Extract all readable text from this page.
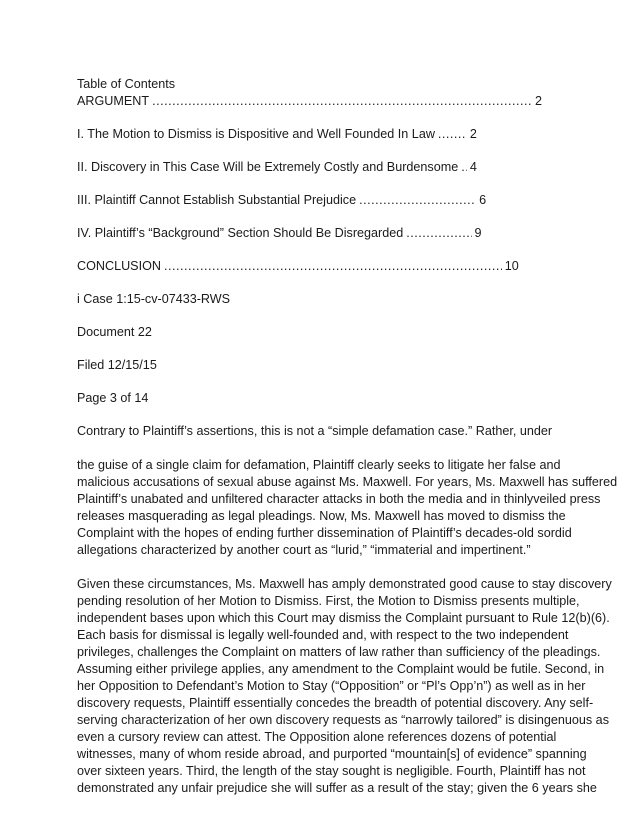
Table of Contents
ARGUMENT .....	2
I. The Motion to Dismiss is Dispositive and Well Founded In Law .....	2
II. Discovery in This Case Will be Extremely Costly and Burdensome ..... 4
III. Plaintiff Cannot Establish Substantial Prejudice .....	6
IV. Plaintiff’s “Background” Section Should Be Disregarded .....	9
CONCLUSION .....	10
i Case 1:15-cv-07433-RWS
Document 22
Filed 12/15/15
Page 3 of 14
Contrary to Plaintiff’s assertions, this is not a “simple defamation case.” Rather, under
the guise of a single claim for defamation, Plaintiff clearly seeks to litigate her false and
malicious accusations of sexual abuse against Ms. Maxwell. For years, Ms. Maxwell has suffered
Plaintiff’s unabated and unfiltered character attacks in both the media and in thinlyveiled press
releases masquerading as legal pleadings. Now, Ms. Maxwell has moved to dismiss the
Complaint with the hopes of ending further dissemination of Plaintiff’s decades-old sordid
allegations characterized by another court as “lurid,” “immaterial and impertinent.”
Given these circumstances, Ms. Maxwell has amply demonstrated good cause to stay discovery
pending resolution of her Motion to Dismiss. First, the Motion to Dismiss presents multiple,
independent bases upon which this Court may dismiss the Complaint pursuant to Rule 12(b)(6).
Each basis for dismissal is legally well-founded and, with respect to the two independent
privileges, challenges the Complaint on matters of law rather than sufficiency of the pleadings.
Assuming either privilege applies, any amendment to the Complaint would be futile. Second, in
her Opposition to Defendant’s Motion to Stay (“Opposition” or “Pl’s Opp’n”) as well as in her
discovery requests, Plaintiff essentially concedes the breadth of potential discovery. Any self-
serving characterization of her own discovery requests as “narrowly tailored” is disingenuous as
even a cursory review can attest. The Opposition alone references dozens of potential
witnesses, many of whom reside abroad, and purported “mountain[s] of evidence” spanning
over sixteen years. Third, the length of the stay sought is negligible. Fourth, Plaintiff has not
demonstrated any unfair prejudice she will suffer as a result of the stay; given the 6 years she
